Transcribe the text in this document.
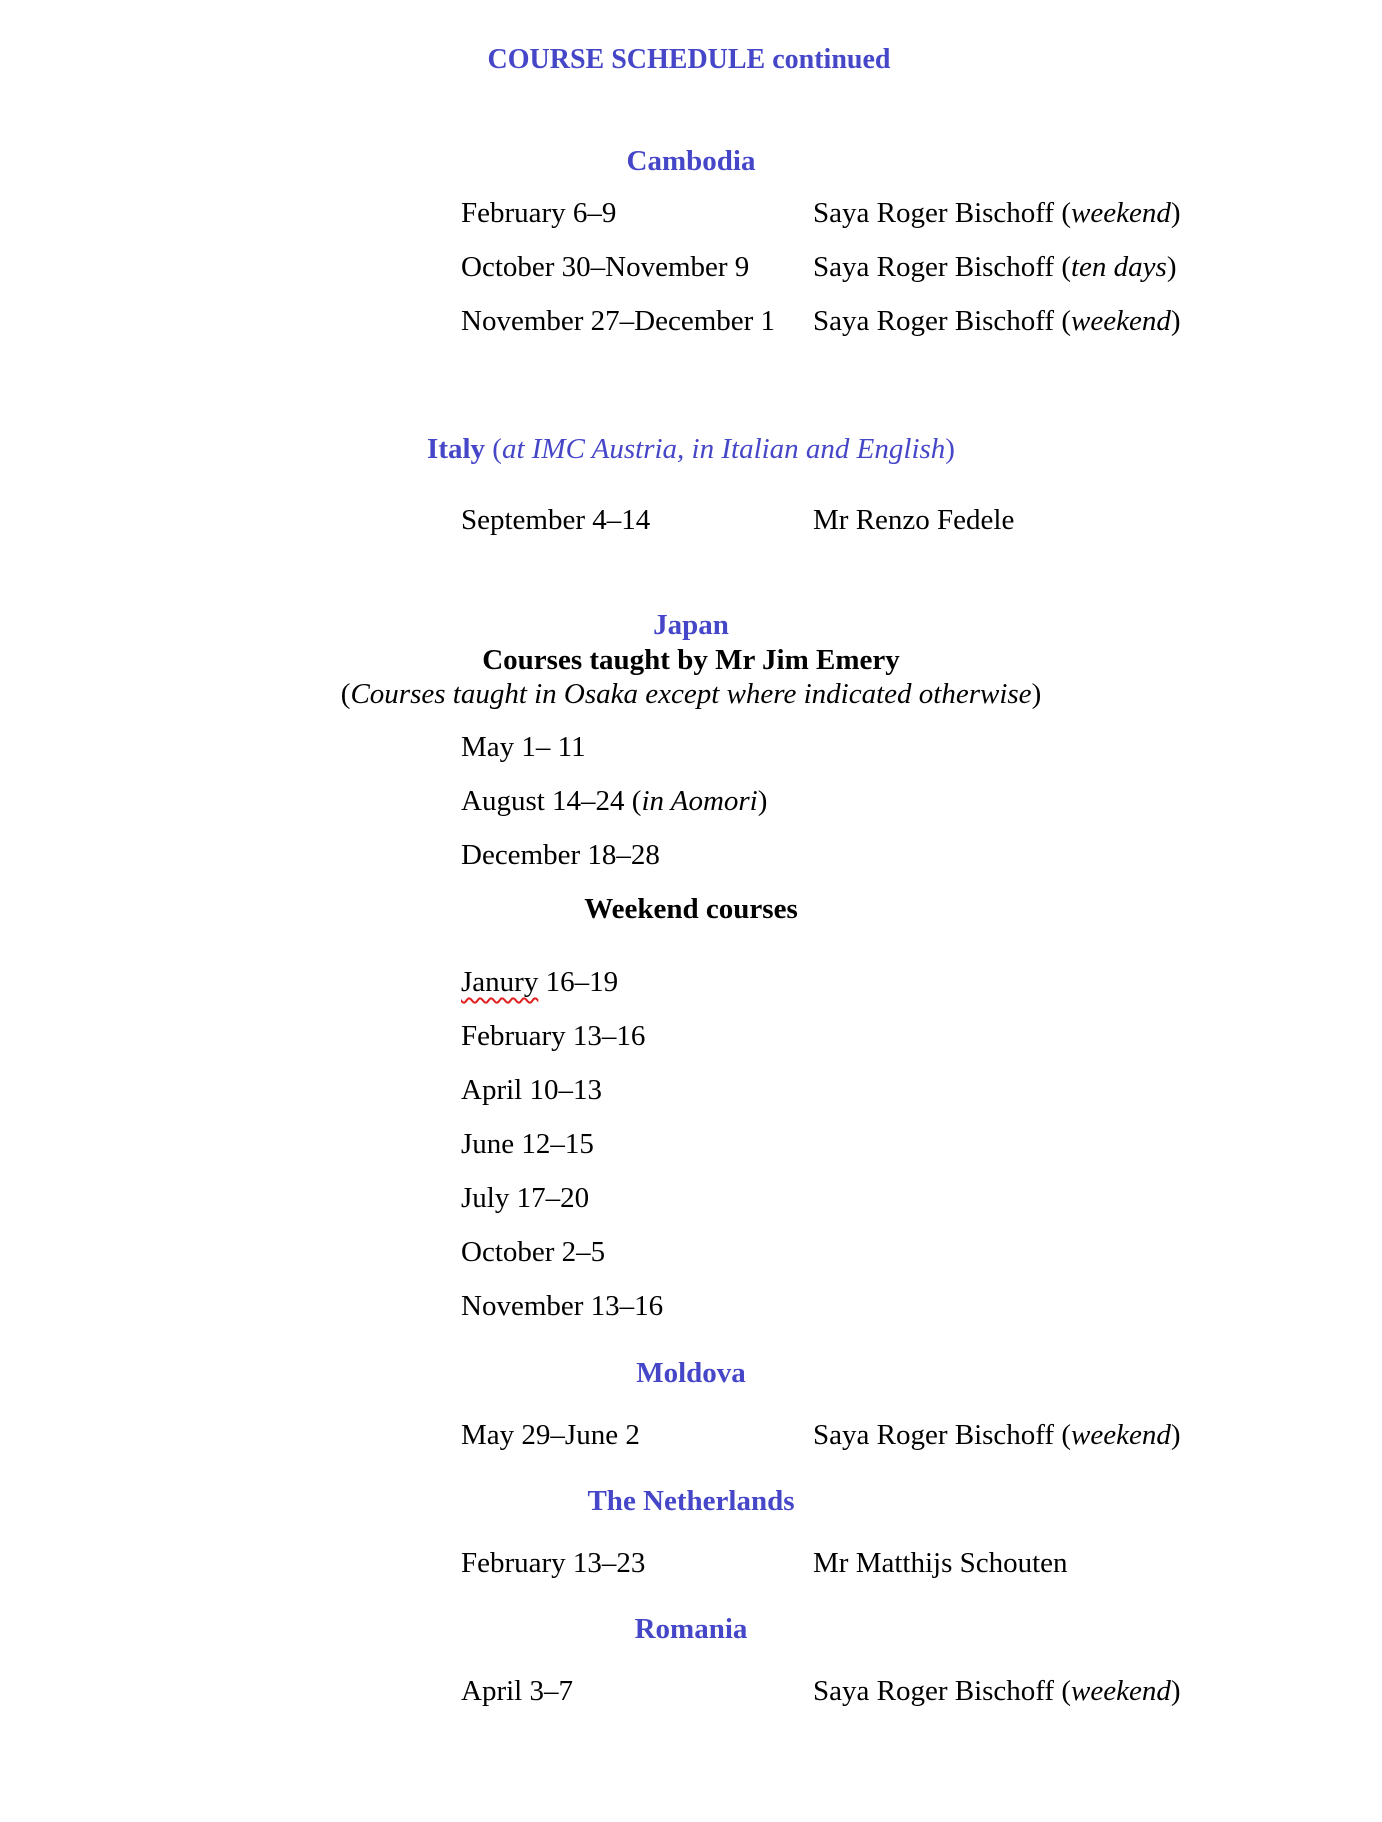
COURSE SCHEDULE continued
Cambodia
February 6–9	Saya Roger Bischoff (weekend)
October 30–November 9 Saya Roger Bischoff (ten days)
November 27–December 1 Saya Roger Bischoff (weekend)
Italy (at IMC Austria, in Italian and English)
September 4–14	Mr Renzo Fedele
Japan
Courses taught by Mr Jim Emery
(Courses taught in Osaka except where indicated otherwise)
May 1– 11
August 14–24 (in Aomori)
December 18–28
Weekend courses
Janury 16–19
February 13–16
April 10–13
June 12–15
July 17–20
October 2–5
November 13–16
Moldova
May 29–June 2	Saya Roger Bischoff (weekend)
The Netherlands
February 13–23	Mr Matthijs Schouten
Romania
April 3–7	Saya Roger Bischoff (weekend)
